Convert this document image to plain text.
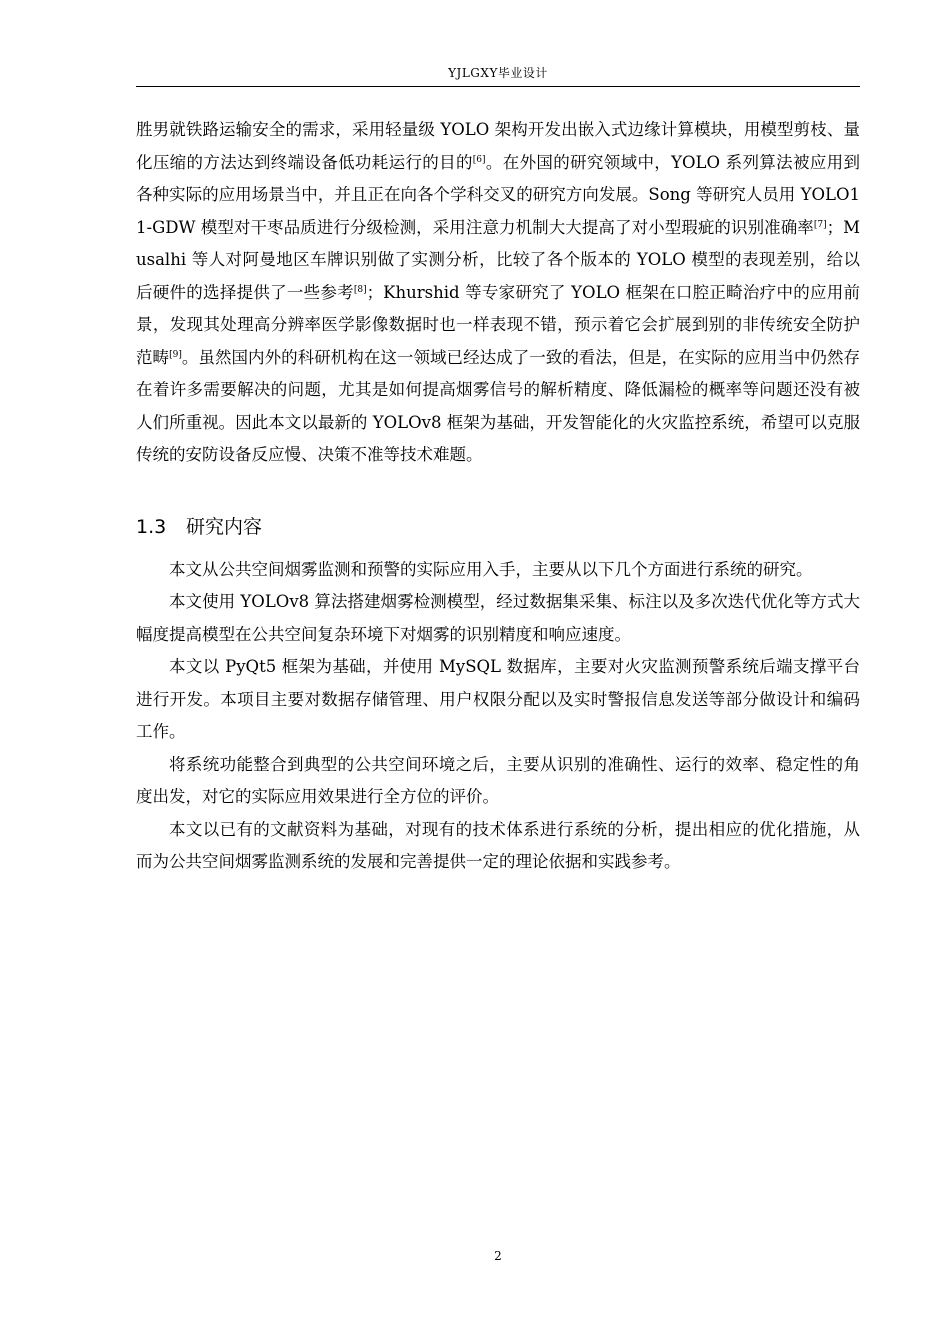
YJLGXY毕业设计

胜男就铁路运输安全的需求，采用轻量级 YOLO 架构开发出嵌入式边缘计算模块，用模型剪枝、量化压缩的方法达到终端设备低功耗运行的目的[6]。在外国的研究领域中，YOLO 系列算法被应用到各种实际的应用场景当中，并且正在向各个学科交叉的研究方向发展。Song 等研究人员用 YOLO11-GDW 模型对干枣品质进行分级检测，采用注意力机制大大提高了对小型瑕疵的识别准确率[7]；Musalhi 等人对阿曼地区车牌识别做了实测分析，比较了各个版本的 YOLO 模型的表现差别，给以后硬件的选择提供了一些参考[8]；Khurshid 等专家研究了 YOLO 框架在口腔正畸治疗中的应用前景，发现其处理高分辨率医学影像数据时也一样表现不错，预示着它会扩展到别的非传统安全防护范畴[9]。虽然国内外的科研机构在这一领域已经达成了一致的看法，但是，在实际的应用当中仍然存在着许多需要解决的问题，尤其是如何提高烟雾信号的解析精度、降低漏检的概率等问题还没有被人们所重视。因此本文以最新的 YOLOv8 框架为基础，开发智能化的火灾监控系统，希望可以克服传统的安防设备反应慢、决策不准等技术难题。

1.3 研究内容

本文从公共空间烟雾监测和预警的实际应用入手，主要从以下几个方面进行系统的研究。

本文使用 YOLOv8 算法搭建烟雾检测模型，经过数据集采集、标注以及多次迭代优化等方式大幅度提高模型在公共空间复杂环境下对烟雾的识别精度和响应速度。

本文以 PyQt5 框架为基础，并使用 MySQL 数据库，主要对火灾监测预警系统后端支撑平台进行开发。本项目主要对数据存储管理、用户权限分配以及实时警报信息发送等部分做设计和编码工作。

将系统功能整合到典型的公共空间环境之后，主要从识别的准确性、运行的效率、稳定性的角度出发，对它的实际应用效果进行全方位的评价。

本文以已有的文献资料为基础，对现有的技术体系进行系统的分析，提出相应的优化措施，从而为公共空间烟雾监测系统的发展和完善提供一定的理论依据和实践参考。

2
